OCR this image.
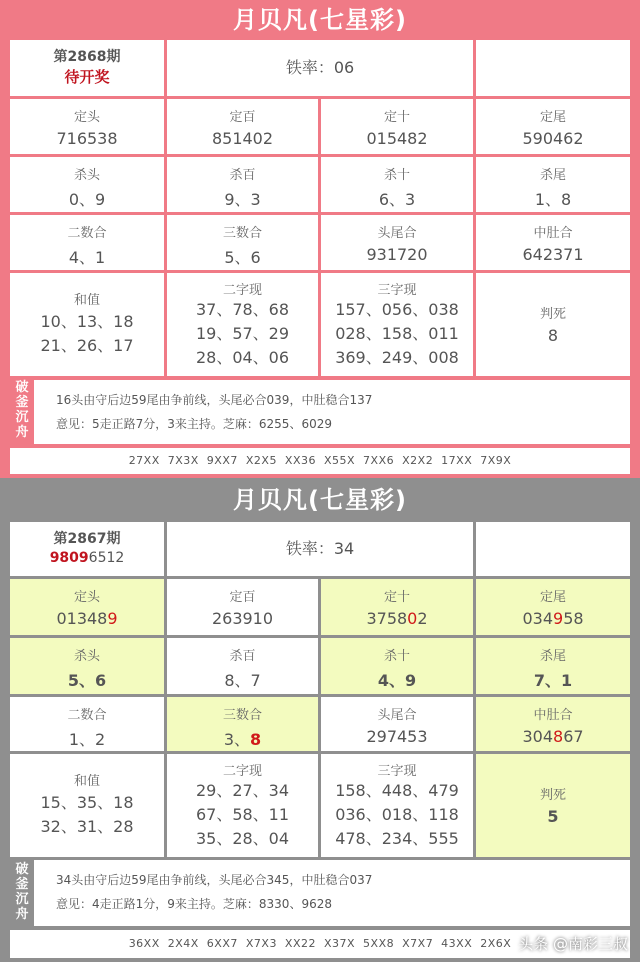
月贝凡(七星彩)
第2868期
待开奖	铁率：06
定头
716538
定百
851402
定十
015482
定尾
590462
杀头
0、9
杀百
9、3
杀十
6、3
杀尾
1、8
二数合
4、1
三数合
5、6
头尾合
931720
中肚合
642371
和值
10、13、18
21、26、17
二字现
37、78、68
19、57、29
28、04、06
三字现
157、056、038
028、158、011
369、249、008
判死
8
破
釜
沉
舟
16头由守后边59尾由争前线，头尾必合039，中肚稳合137
意见：5走正路7分，3来主持。芝麻：6255、6029
27XX  7X3X  9XX7  X2X5  XX36  X55X  7XX6  X2X2  17XX  7X9X
月贝凡(七星彩)
第2867期
98096512	铁率：34
定头
013489
定百
263910
定十
375802
定尾
034958
杀头
5、6
杀百
8、7
杀十
4、9
杀尾
7、1
二数合
1、2
三数合
3、8
头尾合
297453
中肚合
304867
和值
15、35、18
32、31、28
二字现
29、27、34
67、58、11
35、28、04
三字现
158、448、479
036、018、118
478、234、555
判死
5
破
釜
沉
舟
34头由守后边59尾由争前线，头尾必合345，中肚稳合037
意见：4走正路1分，9来主持。芝麻：8330、9628
36XX  2X4X  6XX7  X7X3  XX22  X37X  5XX8  X7X7  43XX  2X6X 头条 @南彩三叔
